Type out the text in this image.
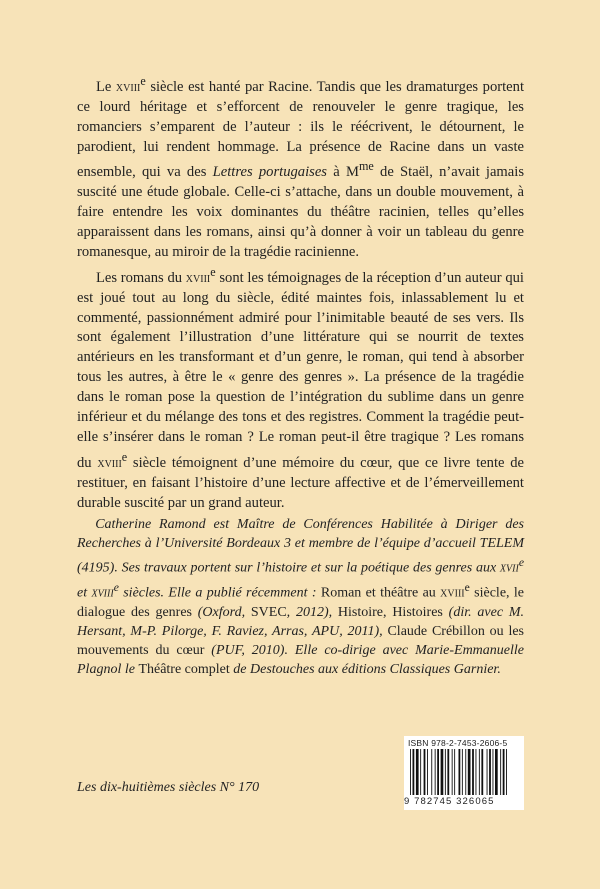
Le xviii$^e$ siècle est hanté par Racine. Tandis que les dramaturges portent ce lourd héritage et s’efforcent de renouveler le genre tragique, les romanciers s’emparent de l’auteur : ils le réécrivent, le détournent, le parodient, lui rendent hommage. La présence de Racine dans un vaste ensemble, qui va des Lettres portugaises à $M^{me}$ de Staël, n’avait jamais suscité une étude globale. Celle-ci s’attache, dans un double mouvement, à faire entendre les voix dominantes du théâtre racinien, telles qu’elles apparaissent dans les romans, ainsi qu’à donner à voir un tableau du genre romanesque, au miroir de la tragédie racinienne.

Les romans du xviii$^e$ sont les témoignages de la réception d’un auteur qui est joué tout au long du siècle, édité maintes fois, inlassablement lu et commenté, passionnément admiré pour l’inimitable beauté de ses vers. Ils sont également l’illustration d’une littérature qui se nourrit de textes antérieurs en les transformant et d’un genre, le roman, qui tend à absorber tous les autres, à être le « genre des genres ». La présence de la tragédie dans le roman pose la question de l’intégration du sublime dans un genre inférieur et du mélange des tons et des registres. Comment la tragédie peut-elle s’insérer dans le roman ? Le roman peut-il être tragique ? Les romans du xviii$^e$ siècle témoignent d’une mémoire du cœur, que ce livre tente de restituer, en faisant l’histoire d’une lecture affective et de l’émerveillement durable suscité par un grand auteur.

Catherine Ramond est Maître de Conférences Habilitée à Diriger des Recherches à l’Université Bordeaux 3 et membre de l’équipe d’accueil TELEM (4195). Ses travaux portent sur l’histoire et sur la poétique des genres aux xvii$^e$ et xviii$^e$ siècles. Elle a publié récemment : Roman et théâtre au xviii$^e$ siècle, le dialogue des genres (Oxford, SVEC, 2012), Histoire, Histoires (dir. avec M. Hersant, M-P. Pilorge, F. Raviez, Arras, APU, 2011), Claude Crébillon ou les mouvements du cœur (PUF, 2010). Elle co-dirige avec Marie-Emmanuelle Plagnol le Théâtre complet de Destouches aux éditions Classiques Garnier.

Les dix-huitièmes siècles N° 170
ISBN 978-2-7453-2606-5
9 782745 326065
